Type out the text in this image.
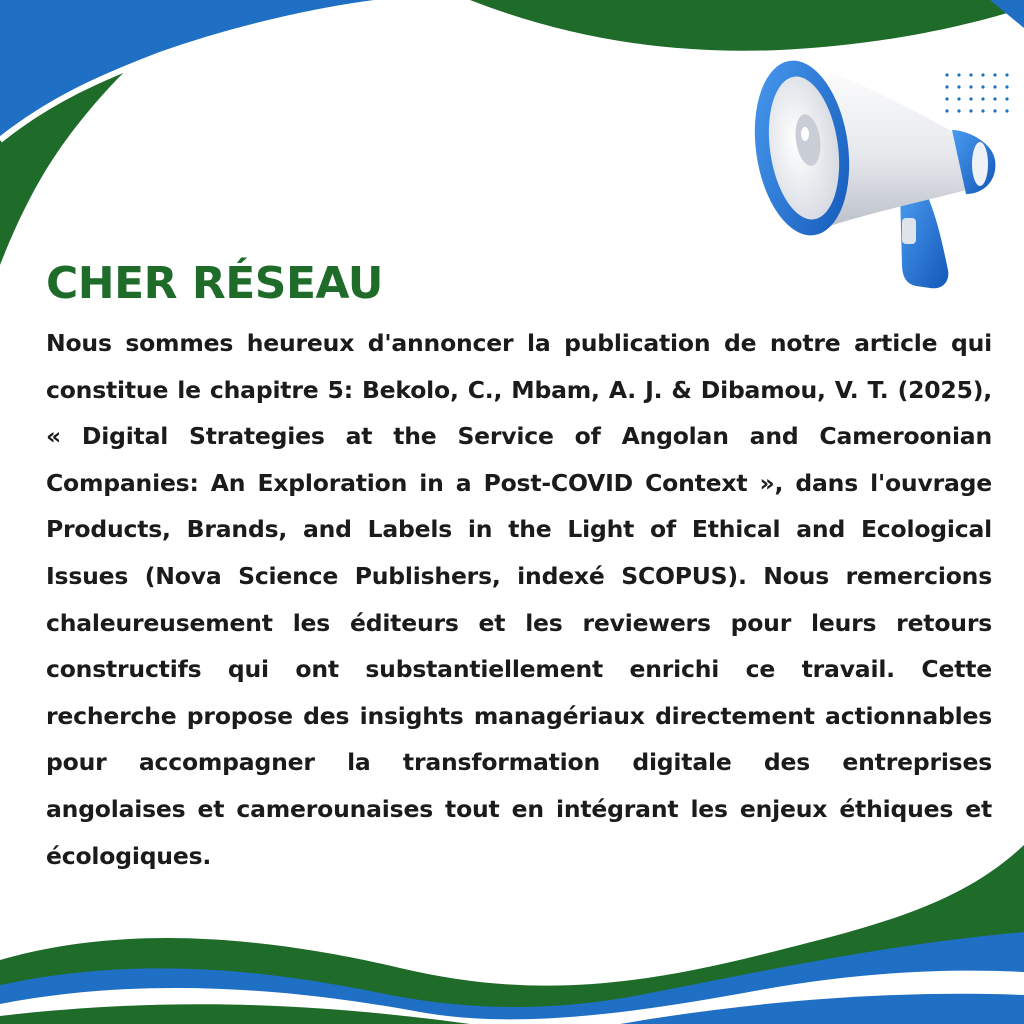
CHER RÉSEAU

Nous sommes heureux d'annoncer la publication de notre article qui constitue le chapitre 5: Bekolo, C., Mbam, A. J. & Dibamou, V. T. (2025), « Digital Strategies at the Service of Angolan and Cameroonian Companies: An Exploration in a Post-COVID Context », dans l'ouvrage Products, Brands, and Labels in the Light of Ethical and Ecological Issues (Nova Science Publishers, indexé SCOPUS). Nous remercions chaleureusement les éditeurs et les reviewers pour leurs retours constructifs qui ont substantiellement enrichi ce travail. Cette recherche propose des insights managériaux directement actionnables pour accompagner la transformation digitale des entreprises angolaises et camerounaises tout en intégrant les enjeux éthiques et écologiques.
